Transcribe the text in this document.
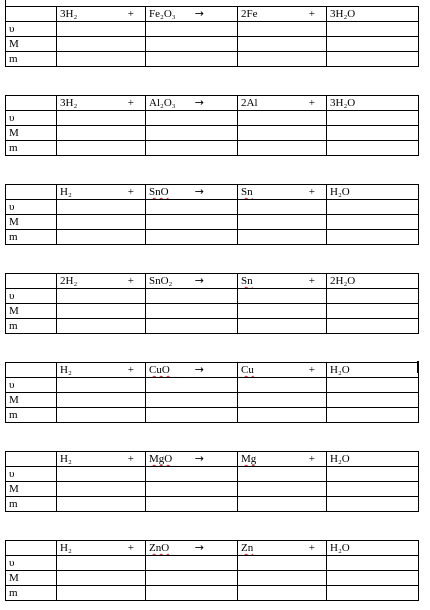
	3H₂ +	Fe₂O₃ →	2Fe +	3H₂O
υ				
M				
m				

	3H₂ +	Al₂O₃ →	2Al +	3H₂O
υ				
M				
m				

	H₂ +	SnO →	Sn +	H₂O
υ				
M				
m				

	2H₂ +	SnO₂ →	Sn +	2H₂O
υ				
M				
m				

	H₂ +	CuO →	Cu +	H₂O
υ				
M				
m				

	H₂ +	MgO →	Mg +	H₂O
υ				
M				
m				

	H₂ +	ZnO →	Zn +	H₂O
υ				
M				
m				
